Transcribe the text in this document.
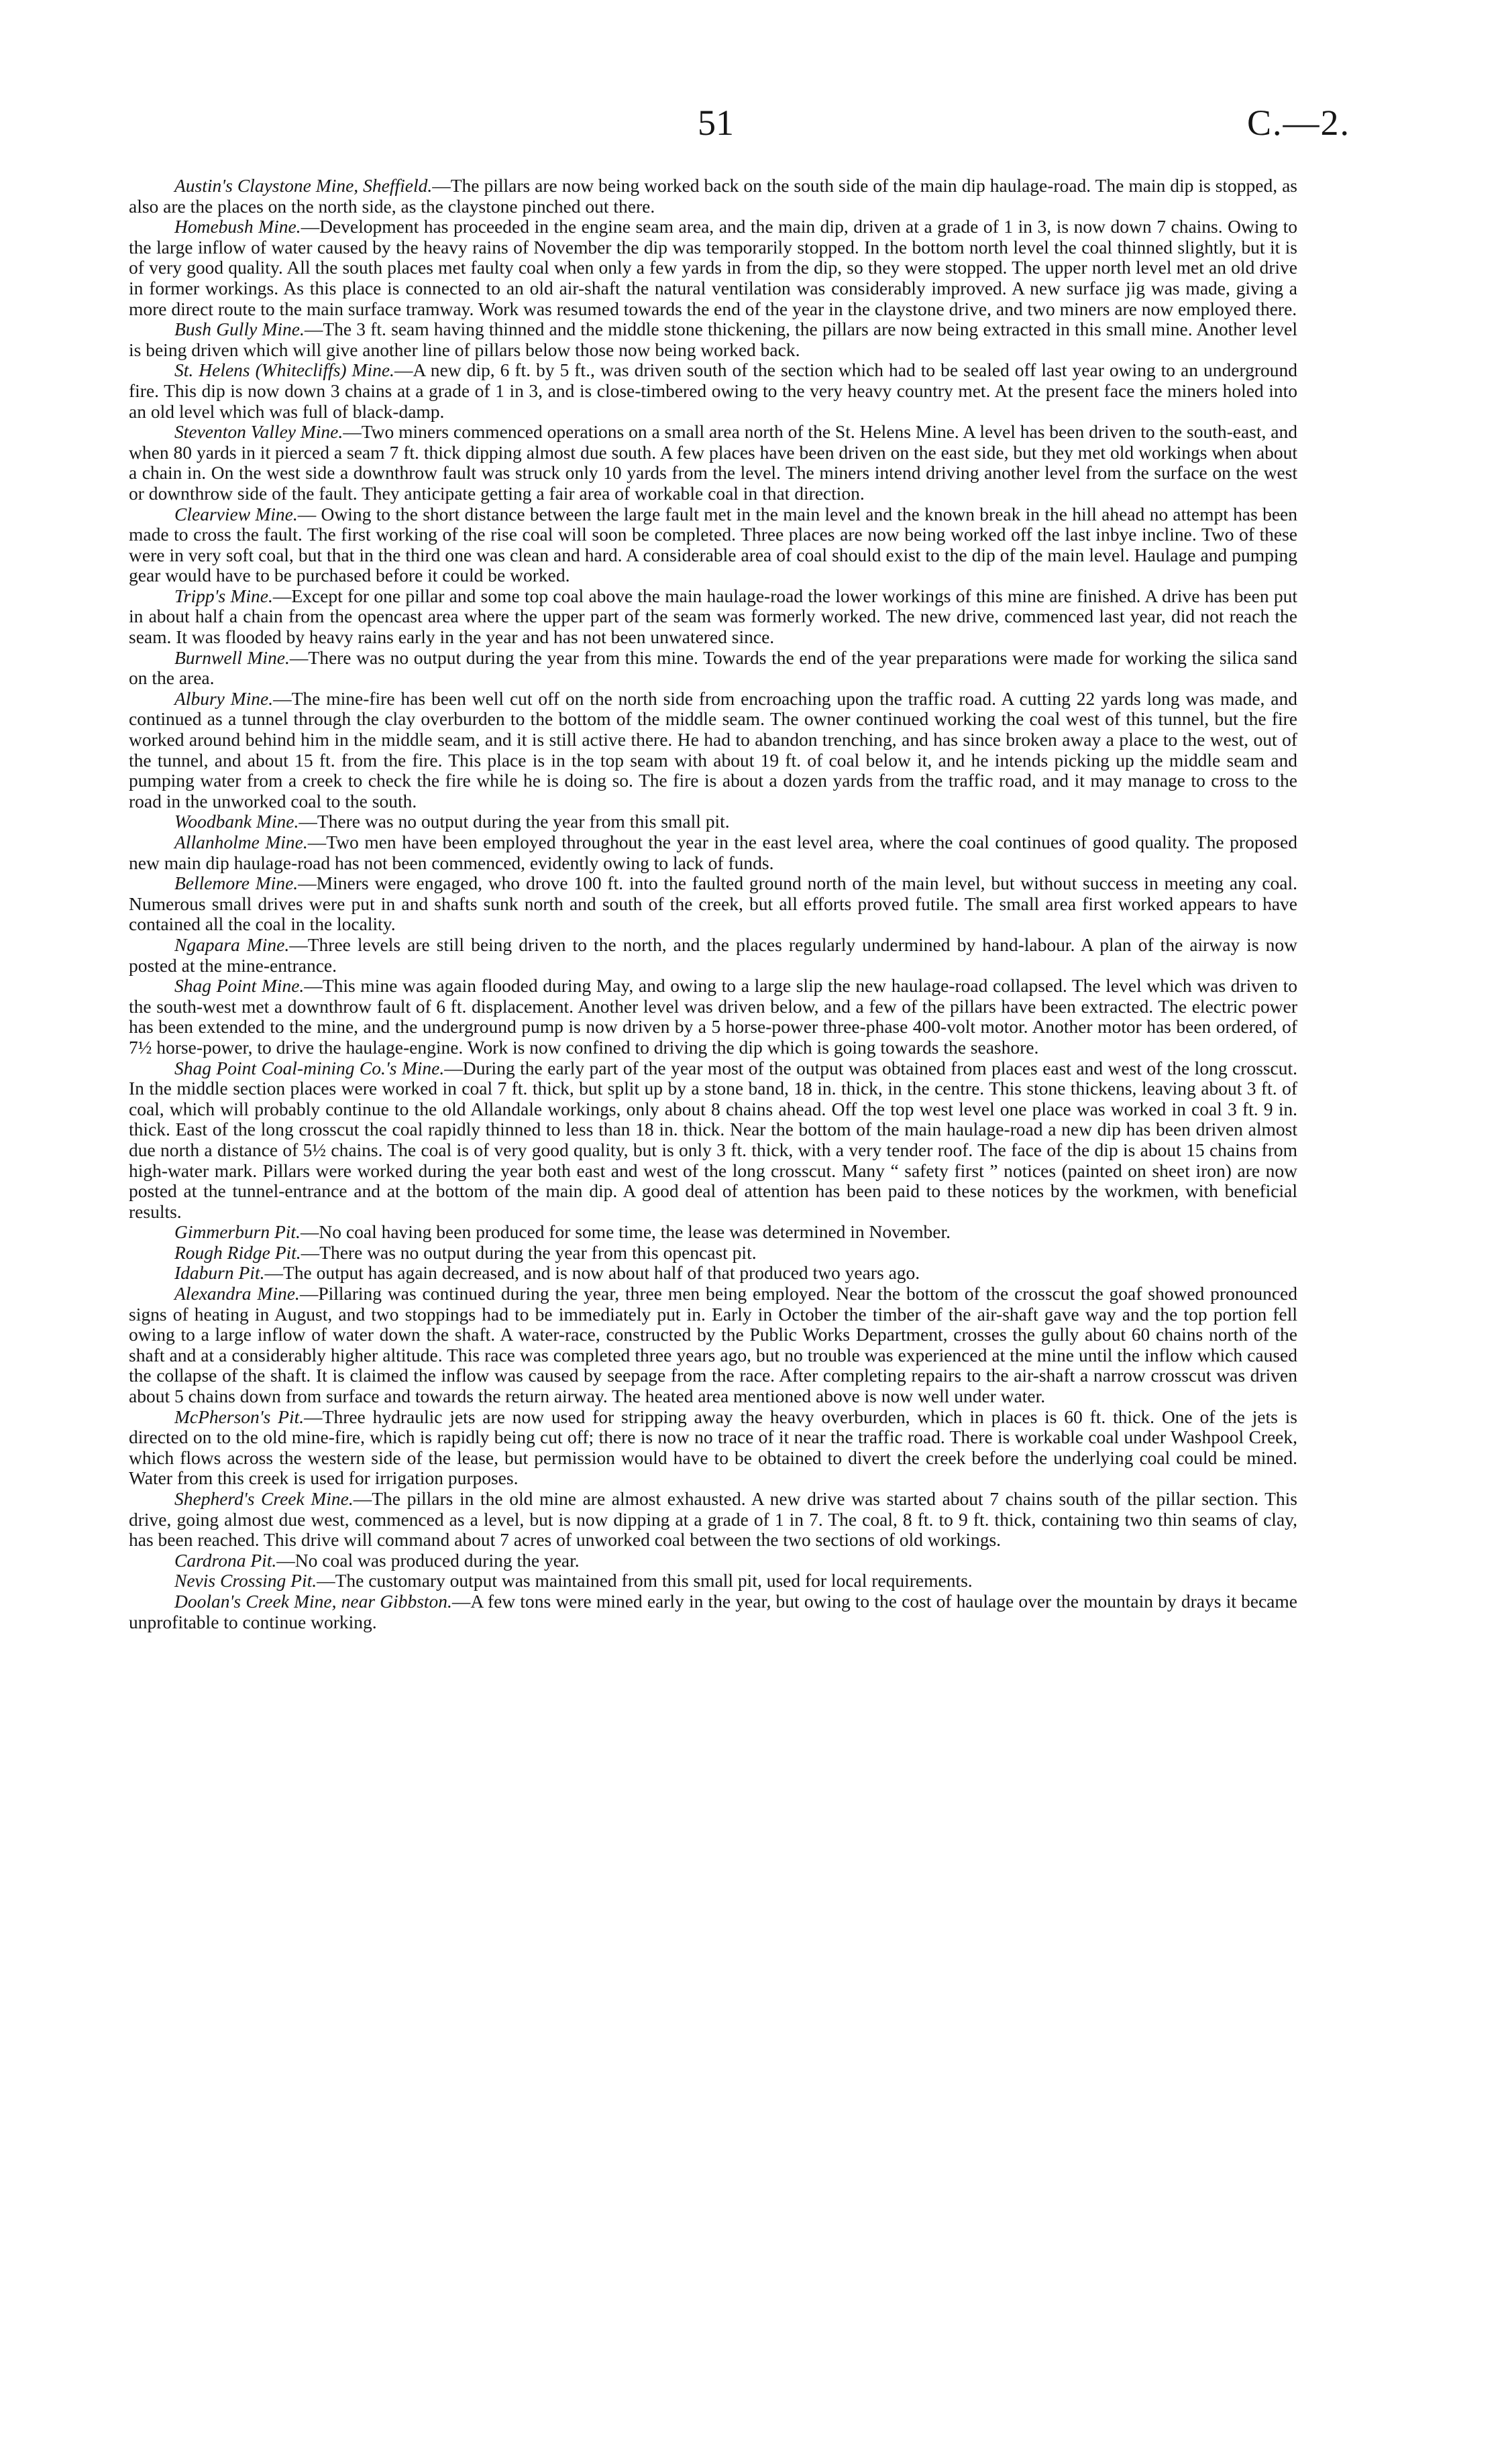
51	C.—2.

Austin's Claystone Mine, Sheffield.—The pillars are now being worked back on the south side of the main dip haulage-road. The main dip is stopped, as also are the places on the north side, as the claystone pinched out there.

Homebush Mine.—Development has proceeded in the engine seam area, and the main dip, driven at a grade of 1 in 3, is now down 7 chains. Owing to the large inflow of water caused by the heavy rains of November the dip was temporarily stopped. In the bottom north level the coal thinned slightly, but it is of very good quality. All the south places met faulty coal when only a few yards in from the dip, so they were stopped. The upper north level met an old drive in former workings. As this place is connected to an old air-shaft the natural ventilation was considerably improved. A new surface jig was made, giving a more direct route to the main surface tramway. Work was resumed towards the end of the year in the claystone drive, and two miners are now employed there.

Bush Gully Mine.—The 3 ft. seam having thinned and the middle stone thickening, the pillars are now being extracted in this small mine. Another level is being driven which will give another line of pillars below those now being worked back.

St. Helens (Whitecliffs) Mine.—A new dip, 6 ft. by 5 ft., was driven south of the section which had to be sealed off last year owing to an underground fire. This dip is now down 3 chains at a grade of 1 in 3, and is close-timbered owing to the very heavy country met. At the present face the miners holed into an old level which was full of black-damp.

Steventon Valley Mine.—Two miners commenced operations on a small area north of the St. Helens Mine. A level has been driven to the south-east, and when 80 yards in it pierced a seam 7 ft. thick dipping almost due south. A few places have been driven on the east side, but they met old workings when about a chain in. On the west side a downthrow fault was struck only 10 yards from the level. The miners intend driving another level from the surface on the west or downthrow side of the fault. They anticipate getting a fair area of workable coal in that direction.

Clearview Mine.— Owing to the short distance between the large fault met in the main level and the known break in the hill ahead no attempt has been made to cross the fault. The first working of the rise coal will soon be completed. Three places are now being worked off the last inbye incline. Two of these were in very soft coal, but that in the third one was clean and hard. A considerable area of coal should exist to the dip of the main level. Haulage and pumping gear would have to be purchased before it could be worked.

Tripp's Mine.—Except for one pillar and some top coal above the main haulage-road the lower workings of this mine are finished. A drive has been put in about half a chain from the opencast area where the upper part of the seam was formerly worked. The new drive, commenced last year, did not reach the seam. It was flooded by heavy rains early in the year and has not been unwatered since.

Burnwell Mine.—There was no output during the year from this mine. Towards the end of the year preparations were made for working the silica sand on the area.

Albury Mine.—The mine-fire has been well cut off on the north side from encroaching upon the traffic road. A cutting 22 yards long was made, and continued as a tunnel through the clay overburden to the bottom of the middle seam. The owner continued working the coal west of this tunnel, but the fire worked around behind him in the middle seam, and it is still active there. He had to abandon trenching, and has since broken away a place to the west, out of the tunnel, and about 15 ft. from the fire. This place is in the top seam with about 19 ft. of coal below it, and he intends picking up the middle seam and pumping water from a creek to check the fire while he is doing so. The fire is about a dozen yards from the traffic road, and it may manage to cross to the road in the unworked coal to the south.

Woodbank Mine.—There was no output during the year from this small pit.

Allanholme Mine.—Two men have been employed throughout the year in the east level area, where the coal continues of good quality. The proposed new main dip haulage-road has not been commenced, evidently owing to lack of funds.

Bellemore Mine.—Miners were engaged, who drove 100 ft. into the faulted ground north of the main level, but without success in meeting any coal. Numerous small drives were put in and shafts sunk north and south of the creek, but all efforts proved futile. The small area first worked appears to have contained all the coal in the locality.

Ngapara Mine.—Three levels are still being driven to the north, and the places regularly undermined by hand-labour. A plan of the airway is now posted at the mine-entrance.

Shag Point Mine.—This mine was again flooded during May, and owing to a large slip the new haulage-road collapsed. The level which was driven to the south-west met a downthrow fault of 6 ft. displacement. Another level was driven below, and a few of the pillars have been extracted. The electric power has been extended to the mine, and the underground pump is now driven by a 5 horse-power three-phase 400-volt motor. Another motor has been ordered, of 7½ horse-power, to drive the haulage-engine. Work is now confined to driving the dip which is going towards the seashore.

Shag Point Coal-mining Co.'s Mine.—During the early part of the year most of the output was obtained from places east and west of the long crosscut. In the middle section places were worked in coal 7 ft. thick, but split up by a stone band, 18 in. thick, in the centre. This stone thickens, leaving about 3 ft. of coal, which will probably continue to the old Allandale workings, only about 8 chains ahead. Off the top west level one place was worked in coal 3 ft. 9 in. thick. East of the long crosscut the coal rapidly thinned to less than 18 in. thick. Near the bottom of the main haulage-road a new dip has been driven almost due north a distance of 5½ chains. The coal is of very good quality, but is only 3 ft. thick, with a very tender roof. The face of the dip is about 15 chains from high-water mark. Pillars were worked during the year both east and west of the long crosscut. Many “ safety first ” notices (painted on sheet iron) are now posted at the tunnel-entrance and at the bottom of the main dip. A good deal of attention has been paid to these notices by the workmen, with beneficial results.

Gimmerburn Pit.—No coal having been produced for some time, the lease was determined in November.

Rough Ridge Pit.—There was no output during the year from this opencast pit.

Idaburn Pit.—The output has again decreased, and is now about half of that produced two years ago.

Alexandra Mine.—Pillaring was continued during the year, three men being employed. Near the bottom of the crosscut the goaf showed pronounced signs of heating in August, and two stoppings had to be immediately put in. Early in October the timber of the air-shaft gave way and the top portion fell owing to a large inflow of water down the shaft. A water-race, constructed by the Public Works Department, crosses the gully about 60 chains north of the shaft and at a considerably higher altitude. This race was completed three years ago, but no trouble was experienced at the mine until the inflow which caused the collapse of the shaft. It is claimed the inflow was caused by seepage from the race. After completing repairs to the air-shaft a narrow crosscut was driven about 5 chains down from surface and towards the return airway. The heated area mentioned above is now well under water.

McPherson's Pit.—Three hydraulic jets are now used for stripping away the heavy overburden, which in places is 60 ft. thick. One of the jets is directed on to the old mine-fire, which is rapidly being cut off; there is now no trace of it near the traffic road. There is workable coal under Washpool Creek, which flows across the western side of the lease, but permission would have to be obtained to divert the creek before the underlying coal could be mined. Water from this creek is used for irrigation purposes.

Shepherd's Creek Mine.—The pillars in the old mine are almost exhausted. A new drive was started about 7 chains south of the pillar section. This drive, going almost due west, commenced as a level, but is now dipping at a grade of 1 in 7. The coal, 8 ft. to 9 ft. thick, containing two thin seams of clay, has been reached. This drive will command about 7 acres of unworked coal between the two sections of old workings.

Cardrona Pit.—No coal was produced during the year.

Nevis Crossing Pit.—The customary output was maintained from this small pit, used for local requirements.

Doolan's Creek Mine, near Gibbston.—A few tons were mined early in the year, but owing to the cost of haulage over the mountain by drays it became unprofitable to continue working.
